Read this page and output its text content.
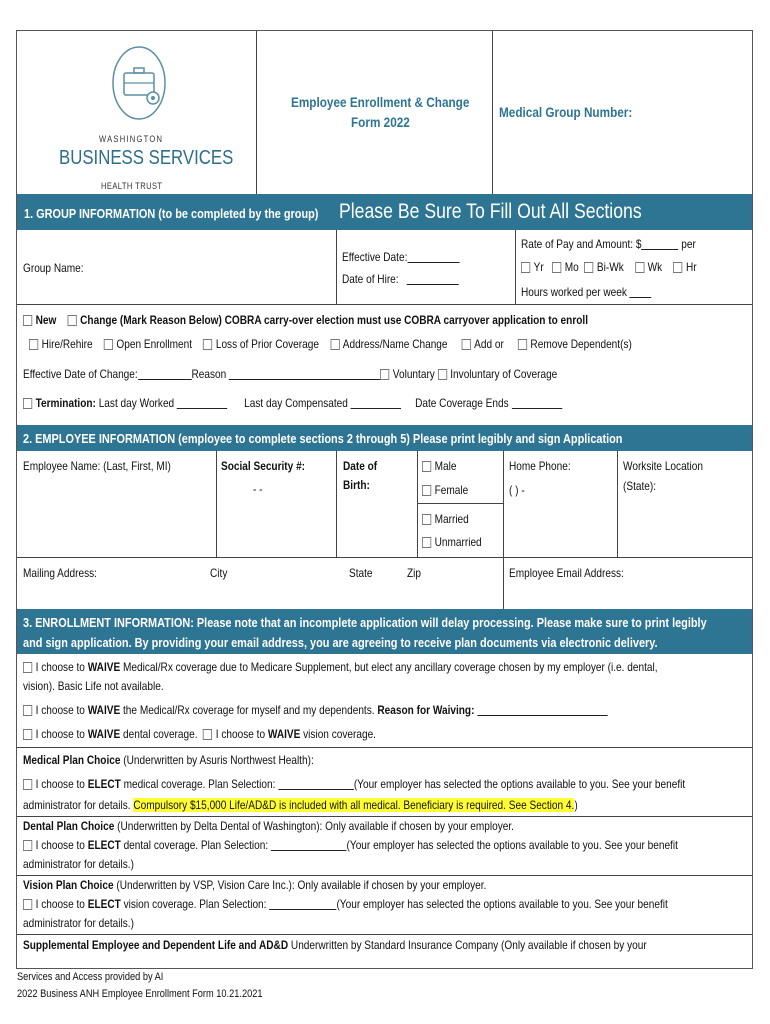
WASHINGTON
BUSINESS SERVICES
HEALTH TRUST
Employee Enrollment & Change
Form 2022
Medical Group Number:
1. GROUP INFORMATION (to be completed by the group) Please Be Sure To Fill Out All Sections
Group Name:
Effective Date:
Date of Hire:
Rate of Pay and Amount: $	per
Yr Mo Bi-Wk Wk Hr
Hours worked per week
New Change (Mark Reason Below) COBRA carry-over election must use COBRA carryover application to enroll
Hire/Rehire Open Enrollment Loss of Prior Coverage Address/Name Change Add or Remove Dependent(s)
Effective Date of Change:	Reason	Voluntary Involuntary of Coverage
Termination: Last day Worked	Last day Compensated	Date Coverage Ends
2. EMPLOYEE INFORMATION (employee to complete sections 2 through 5) Please print legibly and sign Application
Employee Name: (Last, First, MI)	Social Security #:
- -
Date of
Birth:
Male
Female
Married
Unmarried
Home Phone:
( ) -
Worksite Location
(State):
Mailing Address:	City	State	Zip	Employee Email Address:
3. ENROLLMENT INFORMATION: Please note that an incomplete application will delay processing. Please make sure to print legibly
and sign application. By providing your email address, you are agreeing to receive plan documents via electronic delivery.
I choose to WAIVE Medical/Rx coverage due to Medicare Supplement, but elect any ancillary coverage chosen by my employer (i.e. dental,
vision). Basic Life not available.
I choose to WAIVE the Medical/Rx coverage for myself and my dependents. Reason for Waiving:
I choose to WAIVE dental coverage. I choose to WAIVE vision coverage.
Medical Plan Choice (Underwritten by Asuris Northwest Health):
I choose to ELECT medical coverage. Plan Selection:	(Your employer has selected the options available to you. See your benefit
administrator for details. Compulsory $15,000 Life/AD&D is included with all medical. Beneficiary is required. See Section 4.)
Dental Plan Choice (Underwritten by Delta Dental of Washington): Only available if chosen by your employer.
I choose to ELECT dental coverage. Plan Selection:	(Your employer has selected the options available to you. See your benefit
administrator for details.)
Vision Plan Choice (Underwritten by VSP, Vision Care Inc.): Only available if chosen by your employer.
I choose to ELECT vision coverage. Plan Selection:	(Your employer has selected the options available to you. See your benefit
administrator for details.)
Supplemental Employee and Dependent Life and AD&D Underwritten by Standard Insurance Company (Only available if chosen by your
Services and Access provided by AI
2022 Business ANH Employee Enrollment Form 10.21.2021
